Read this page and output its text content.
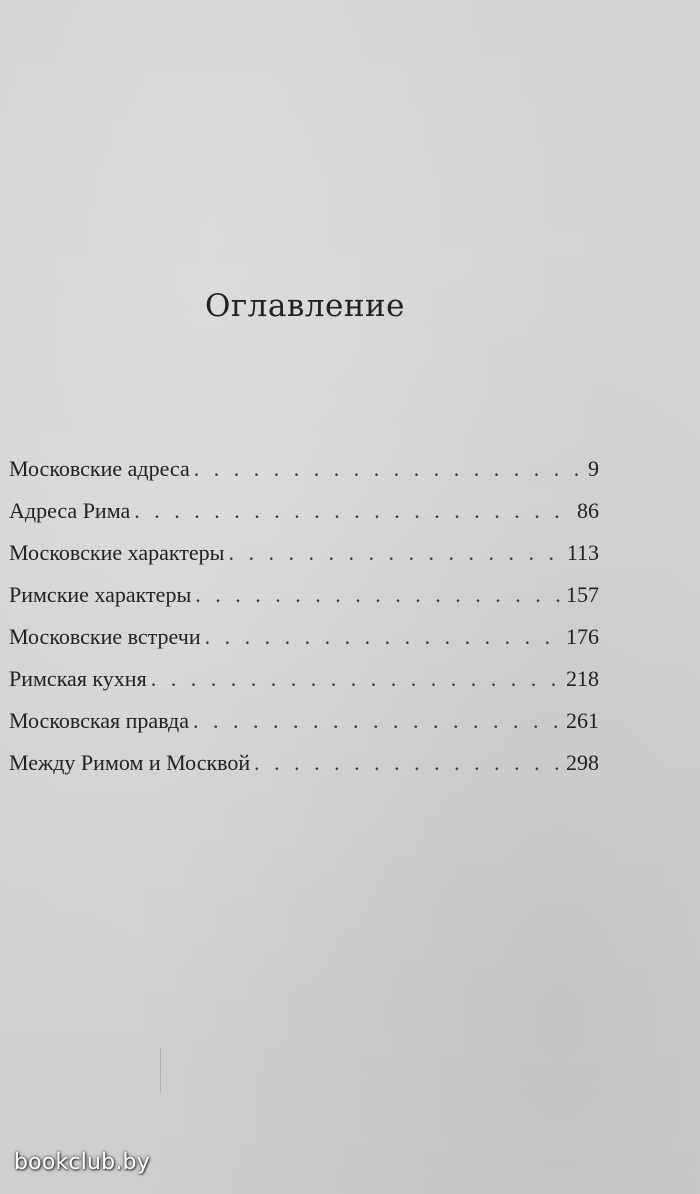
Оглавление
Московские адреса . . .	9
Адреса Рима . . .	86
Московские характеры . . .	113
Римские характеры . . .	157
Московские встречи . . .	176
Римская кухня . . .	218
Московская правда . . .	261
Между Римом и Москвой . . .	298
bookclub.by
